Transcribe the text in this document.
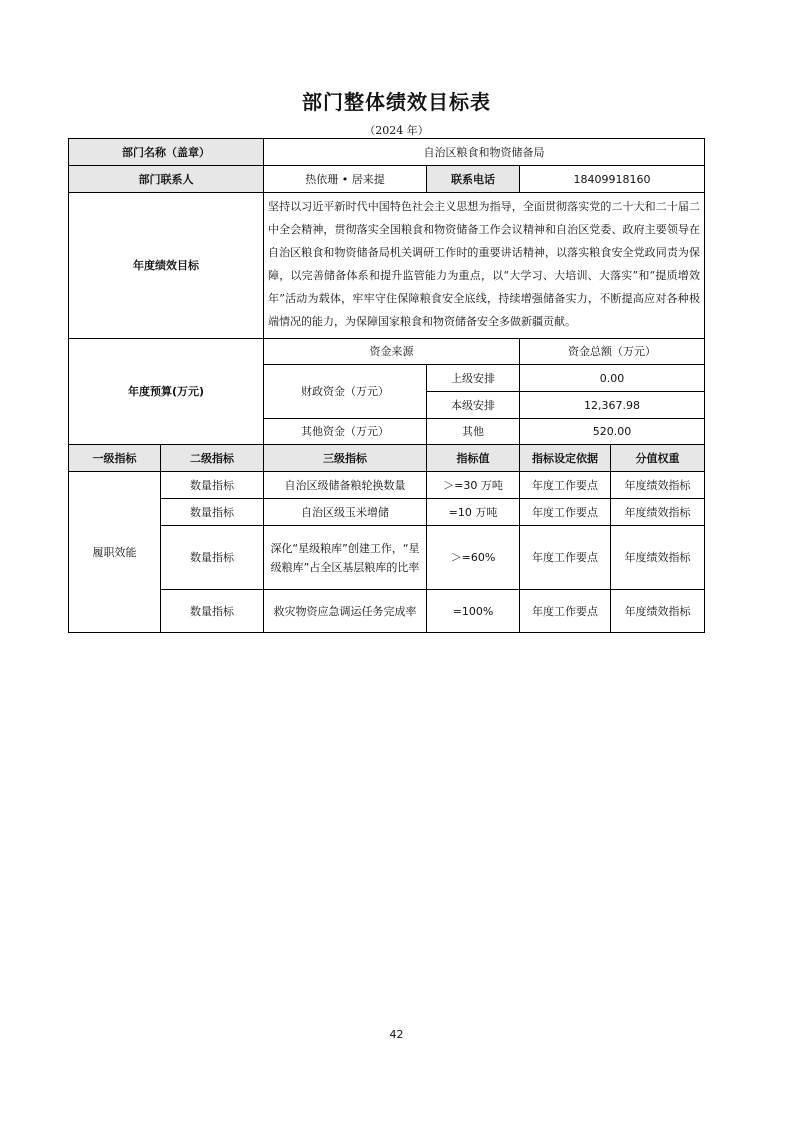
部门整体绩效目标表
（2024 年）
部门名称（盖章）		自治区粮食和物资储备局			
部门联系人		热依珊 • 居来提	联系电话	18409918160	
年度绩效目标		坚持以习近平新时代中国特色社会主义思想为指导，全面贯彻落实党的二十大和二十届二中全会精神，贯彻落实全国粮食和物资储备工作会议精神和自治区党委、政府主要领导在自治区粮食和物资储备局机关调研工作时的重要讲话精神，以落实粮食安全党政同责为保障，以完善储备体系和提升监管能力为重点，以“大学习、大培训、大落实”和“提质增效年”活动为载体，牢牢守住保障粮食安全底线，持续增强储备实力，不断提高应对各种极端情况的能力，为保障国家粮食和物资储备安全多做新疆贡献。			
年度预算(万元)		资金来源		资金总额（万元）	
		财政资金（万元）	上级安排	0.00	
			本级安排	12,367.98	
		其他资金（万元）	其他	520.00	
一级指标	二级指标	三级指标	指标值	指标设定依据	分值权重
履职效能	数量指标	自治区级储备粮轮换数量	＞=30 万吨	年度工作要点	年度绩效指标
	数量指标	自治区级玉米增储	=10 万吨	年度工作要点	年度绩效指标
	数量指标	深化“星级粮库”创建工作，“星级粮库”占全区基层粮库的比率	＞=60%	年度工作要点	年度绩效指标
	数量指标	救灾物资应急调运任务完成率	=100%	年度工作要点	年度绩效指标
42
